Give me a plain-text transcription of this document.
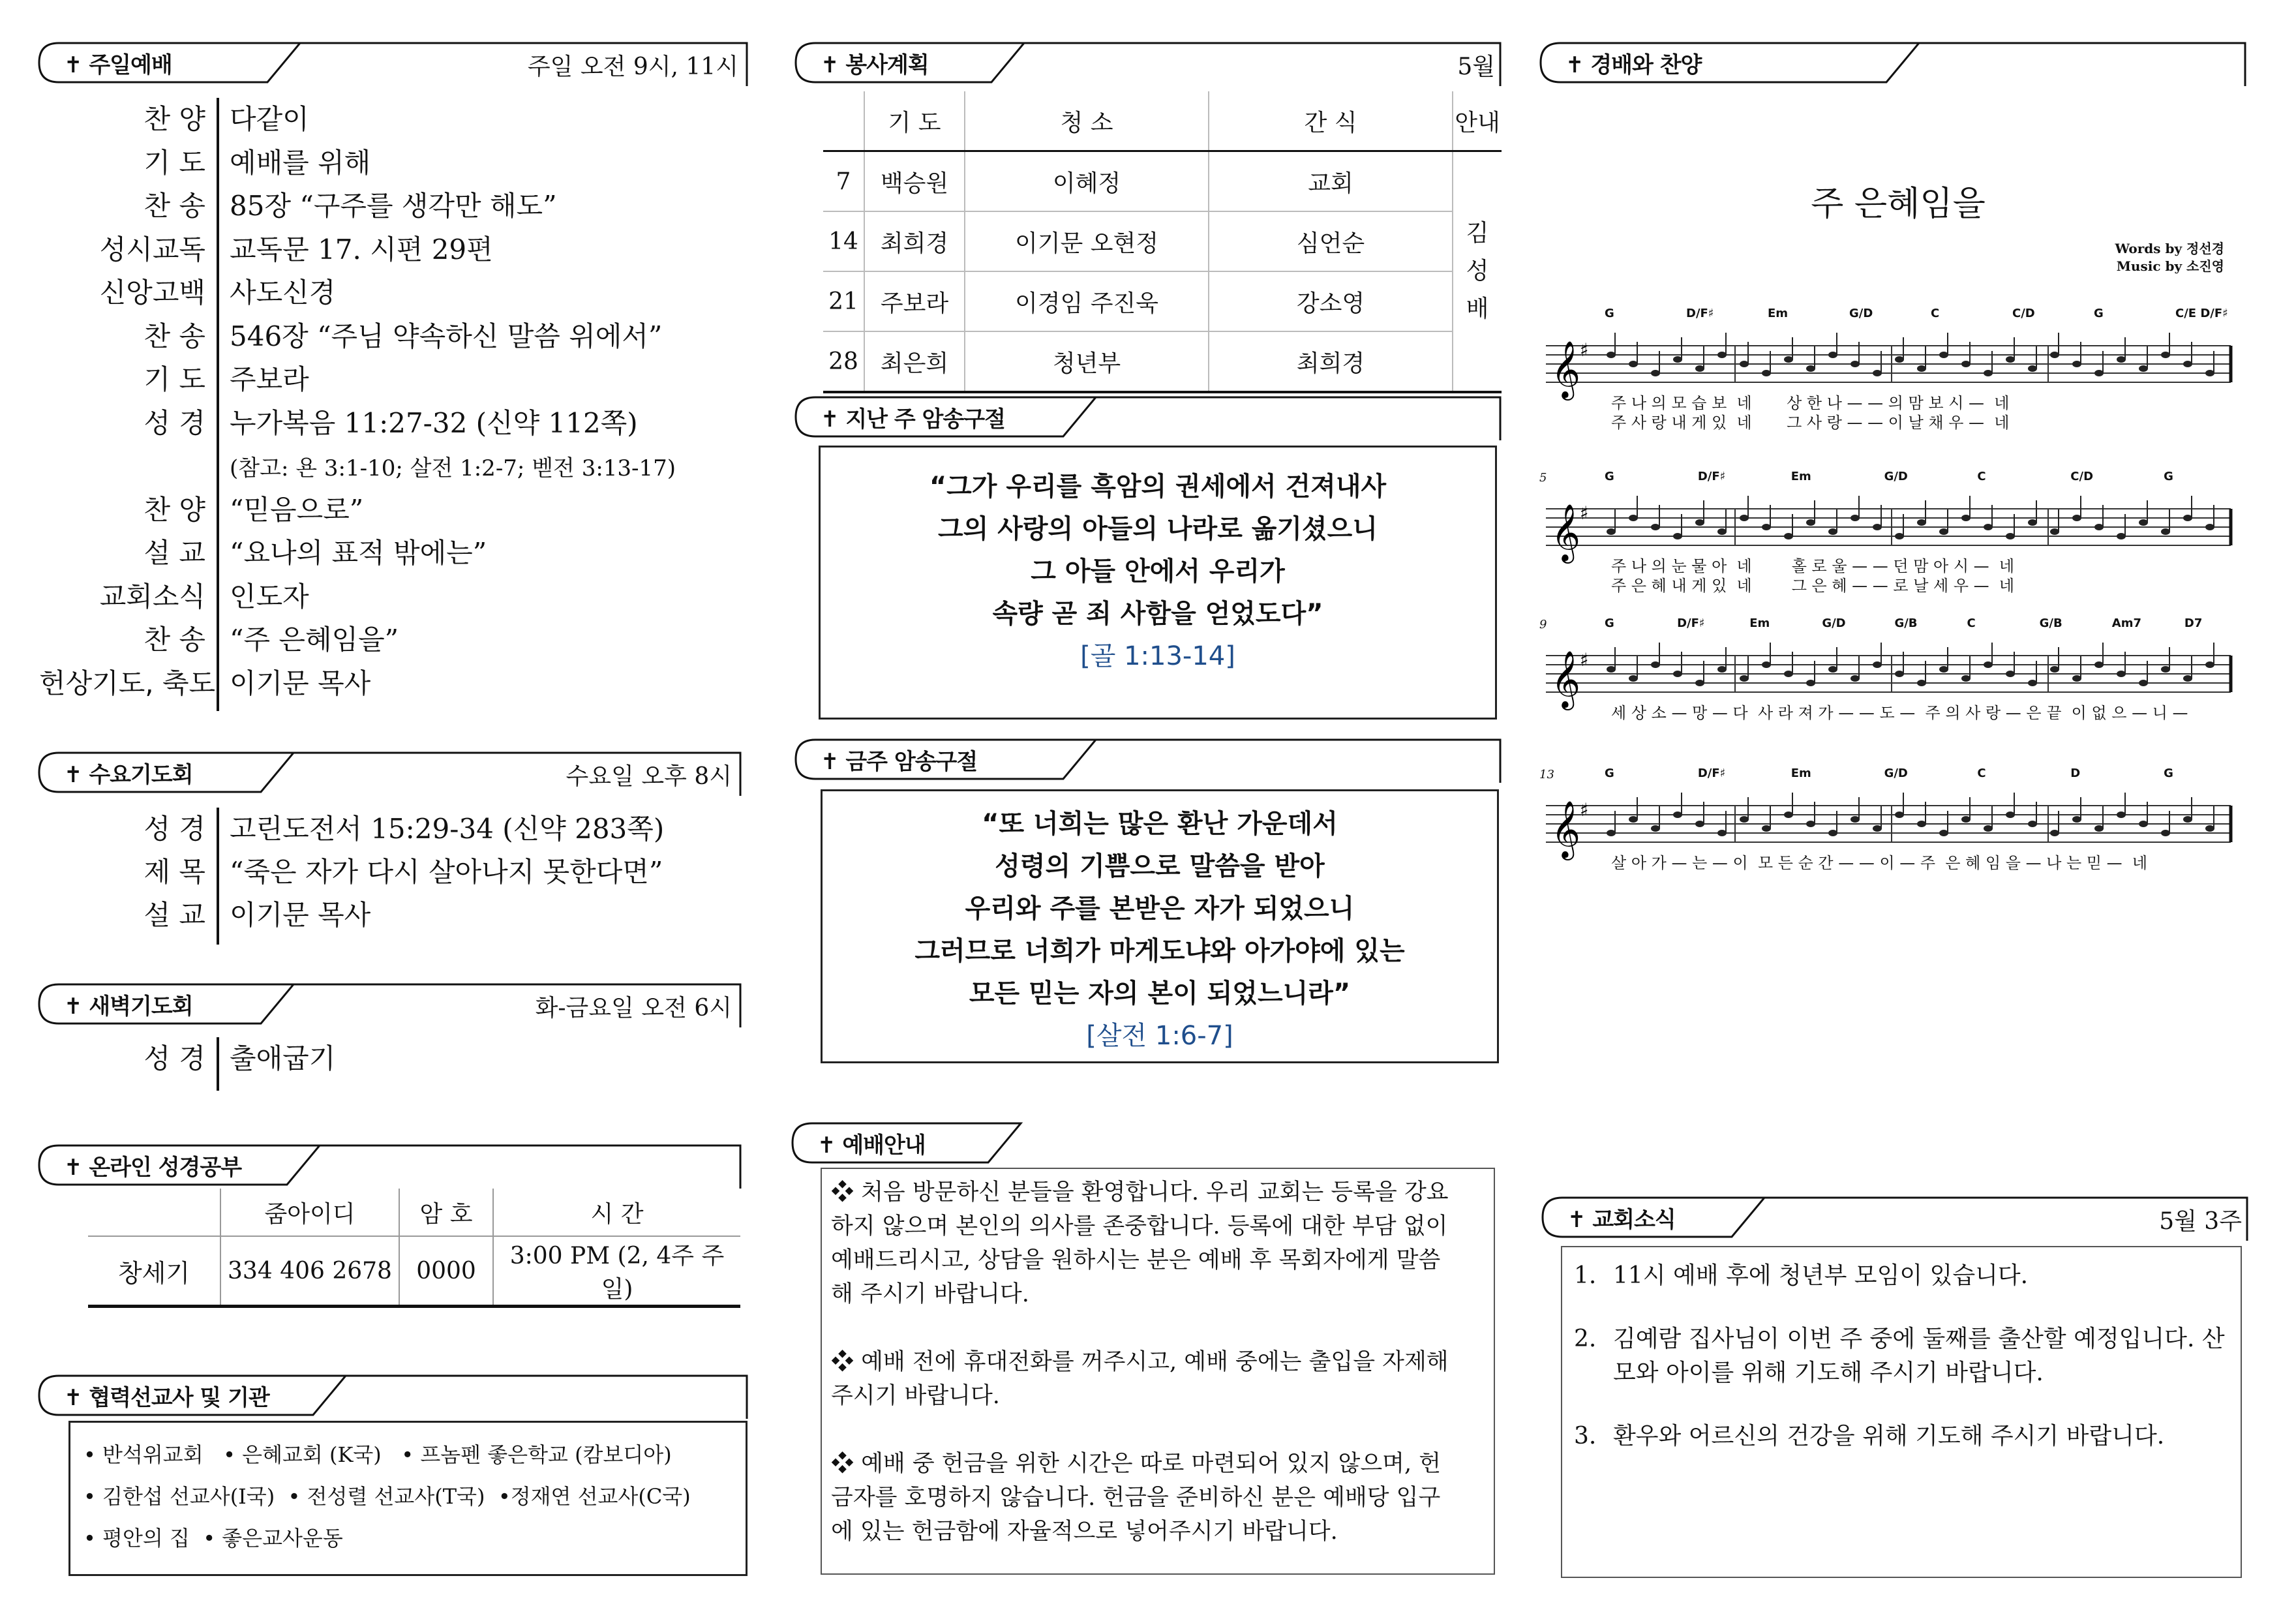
✝ 주일예배	주일 오전 9시, 11시
찬 양 다같이
기 도 예배를 위해
찬 송 85장 “구주를 생각만 해도”
성시교독 교독문 17. 시편 29편
신앙고백 사도신경
찬 송 546장 “주님 약속하신 말씀 위에서”
기 도 주보라
성 경 누가복음 11:27-32 (신약 112쪽)
(참고: 욘 3:1-10; 살전 1:2-7; 벧전 3:13-17)
찬 양 “믿음으로”
설 교 “요나의 표적 밖에는”
교회소식 인도자
찬 송 “주 은혜임을”
헌상기도, 축도 이기문 목사
✝ 수요기도회	수요일 오후 8시
성 경 고린도전서 15:29-34 (신약 283쪽)
제 목 “죽은 자가 다시 살아나지 못한다면”
설 교 이기문 목사
✝ 새벽기도회	화-금요일 오전 6시
성 경 출애굽기
✝ 온라인 성경공부
	줌아이디	암 호	시 간
창세기	334 406 2678	0000	3:00 PM (2, 4주 주일)
✝ 협력선교사 및 기관
• 반석위교회   • 은혜교회 (K국)   • 프놈펜 좋은학교 (캄보디아)
• 김한섭 선교사(I국)  • 전성렬 선교사(T국)  •정재연 선교사(C국)
• 평안의 집  • 좋은교사운동
✝ 봉사계획	5월
	기 도	청 소	간 식	안내
7	백승원	이혜정	교회	김
성
배

14	최희경	이기문 오현정	심언순	
21	주보라	이경임 주진욱	강소영	
28	최은희	청년부	최희경	
✝ 지난 주 암송구절
“그가 우리를 흑암의 권세에서 건져내사
그의 사랑의 아들의 나라로 옮기셨으니
그 아들 안에서 우리가
속량 곧 죄 사함을 얻었도다”
[골 1:13-14]
✝ 금주 암송구절
“또 너희는 많은 환난 가운데서
성령의 기쁨으로 말씀을 받아
우리와 주를 본받은 자가 되었으니
그러므로 너희가 마게도냐와 아가야에 있는
모든 믿는 자의 본이 되었느니라”
[살전 1:6-7]
✝ 예배안내
❖ 처음 방문하신 분들을 환영합니다. 우리 교회는 등록을 강요
하지 않으며 본인의 의사를 존중합니다. 등록에 대한 부담 없이
예배드리시고, 상담을 원하시는 분은 예배 후 목회자에게 말씀
해 주시기 바랍니다.
❖ 예배 전에 휴대전화를 꺼주시고, 예배 중에는 출입을 자제해
주시기 바랍니다.
❖ 예배 중 헌금을 위한 시간은 따로 마련되어 있지 않으며, 헌
금자를 호명하지 않습니다. 헌금을 준비하신 분은 예배당 입구
에 있는 헌금함에 자율적으로 넣어주시기 바랍니다.
✝ 경배와 찬양
주 은혜임을
Words by 정선경
Music by 소진영
𝄞 ♯
G	D/F♯	Em	G/D	C	C/D	G	C/E D/F♯
주 나 의 모 습 보  네       상 한 나 — — 의 맘 보 시 —  네
주 사 랑 내 게 있  네       그 사 랑 — — 이 날 채 우 —  네
𝄞 ♯
5	G	D/F♯	Em	G/D	C	C/D	G
주 나 의 눈 물 아  네        홀 로 울 — — 던 맘 아 시 —  네
주 은 혜 내 게 있  네        그 은 혜 — — 로 날 세 우 —  네
𝄞 ♯
9	G	D/F♯	Em	G/D	G/B	C	G/B	Am7	D7
세 상 소 — 망 — 다  사 라 져 가 — — 도 —  주 의 사 랑 — 은 끝  이 없 으 — 니 —
𝄞 ♯
13	G	D/F♯	Em	G/D	C	D	G
살 아 가 — 는 — 이  모 든 순 간 — — 이 — 주  은 혜 임 을 — 나 는 믿 —  네
✝ 교회소식	5월 3주
1. 11시 예배 후에 청년부 모임이 있습니다.
2. 김예람 집사님이 이번 주 중에 둘째를 출산할 예정입니다. 산
모와 아이를 위해 기도해 주시기 바랍니다.
3. 환우와 어르신의 건강을 위해 기도해 주시기 바랍니다.
